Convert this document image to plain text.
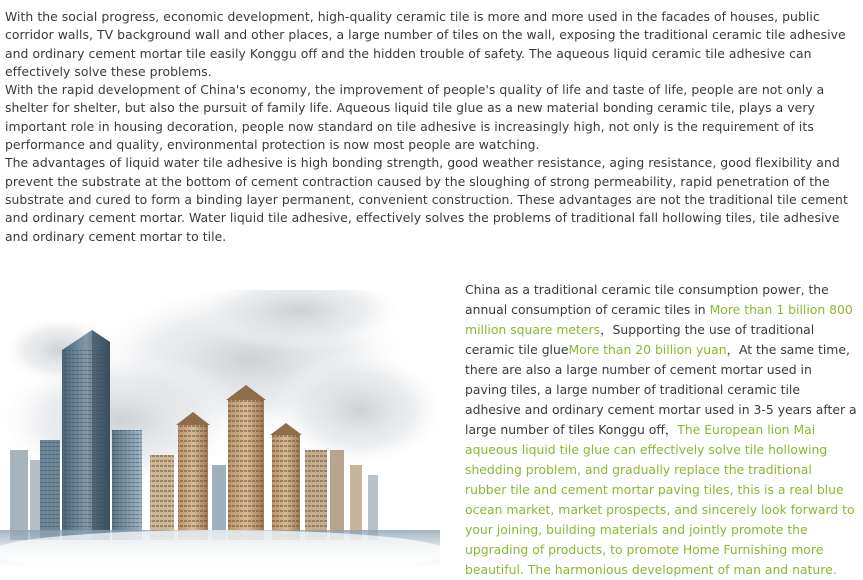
With the social progress, economic development, high-quality ceramic tile is more and more used in the facades of houses, public corridor walls, TV background wall and other places, a large number of tiles on the wall, exposing the traditional ceramic tile adhesive and ordinary cement mortar tile easily Konggu off and the hidden trouble of safety. The aqueous liquid ceramic tile adhesive can effectively solve these problems.

With the rapid development of China's economy, the improvement of people's quality of life and taste of life, people are not only a shelter for shelter, but also the pursuit of family life. Aqueous liquid tile glue as a new material bonding ceramic tile, plays a very important role in housing decoration, people now standard on tile adhesive is increasingly high, not only is the requirement of its performance and quality, environmental protection is now most people are watching.

The advantages of liquid water tile adhesive is high bonding strength, good weather resistance, aging resistance, good flexibility and prevent the substrate at the bottom of cement contraction caused by the sloughing of strong permeability, rapid penetration of the substrate and cured to form a binding layer permanent, convenient construction. These advantages are not the traditional tile cement and ordinary cement mortar. Water liquid tile adhesive, effectively solves the problems of traditional fall hollowing tiles, tile adhesive and ordinary cement mortar to tile.

China as a traditional ceramic tile consumption power, the annual consumption of ceramic tiles in More than 1 billion 800 million square meters，Supporting the use of traditional ceramic tile glueMore than 20 billion yuan，At the same time, there are also a large number of cement mortar used in paving tiles, a large number of traditional ceramic tile adhesive and ordinary cement mortar used in 3-5 years after a large number of tiles Konggu off，The European lion Mai aqueous liquid tile glue can effectively solve tile hollowing shedding problem, and gradually replace the traditional rubber tile and cement mortar paving tiles, this is a real blue ocean market, market prospects, and sincerely look forward to your joining, building materials and jointly promote the upgrading of products, to promote Home Furnishing more beautiful. The harmonious development of man and nature.
